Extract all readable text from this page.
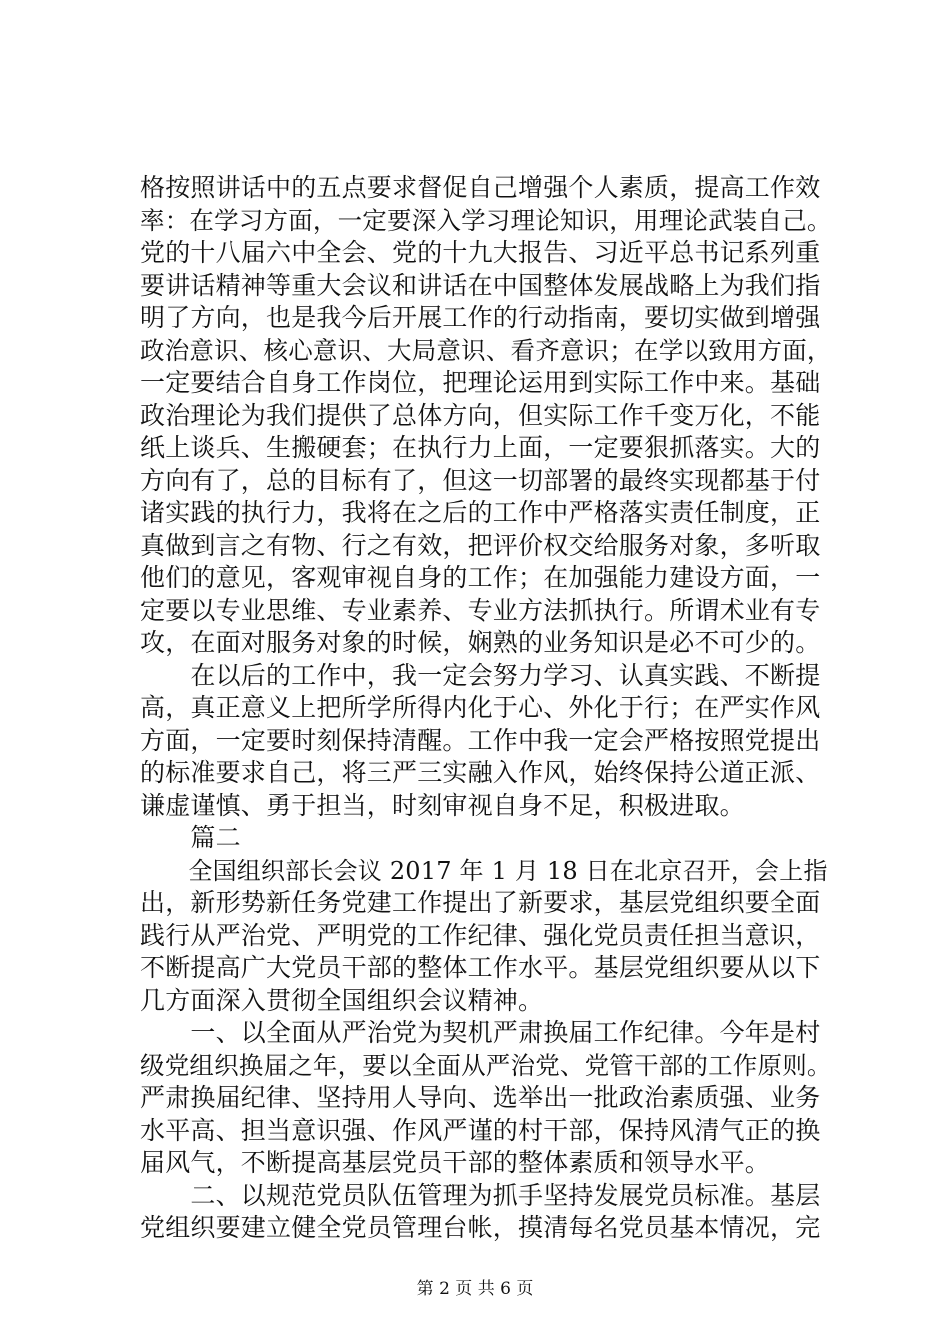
格按照讲话中的五点要求督促自己增强个人素质，提高工作效
率：在学习方面，一定要深入学习理论知识，用理论武装自己。
党的十八届六中全会、党的十九大报告、习近平总书记系列重
要讲话精神等重大会议和讲话在中国整体发展战略上为我们指
明了方向，也是我今后开展工作的行动指南，要切实做到增强
政治意识、核心意识、大局意识、看齐意识；在学以致用方面，
一定要结合自身工作岗位，把理论运用到实际工作中来。基础
政治理论为我们提供了总体方向，但实际工作千变万化，不能
纸上谈兵、生搬硬套；在执行力上面，一定要狠抓落实。大的
方向有了，总的目标有了，但这一切部署的最终实现都基于付
诸实践的执行力，我将在之后的工作中严格落实责任制度，正
真做到言之有物、行之有效，把评价权交给服务对象，多听取
他们的意见，客观审视自身的工作；在加强能力建设方面，一
定要以专业思维、专业素养、专业方法抓执行。所谓术业有专
攻，在面对服务对象的时候，娴熟的业务知识是必不可少的。
　　在以后的工作中，我一定会努力学习、认真实践、不断提
高，真正意义上把所学所得内化于心、外化于行；在严实作风
方面，一定要时刻保持清醒。工作中我一定会严格按照党提出
的标准要求自己，将三严三实融入作风，始终保持公道正派、
谦虚谨慎、勇于担当，时刻审视自身不足，积极进取。
　　篇二
　　全国组织部长会议 2017 年 1 月 18 日在北京召开，会上指
出，新形势新任务党建工作提出了新要求，基层党组织要全面
践行从严治党、严明党的工作纪律、强化党员责任担当意识，
不断提高广大党员干部的整体工作水平。基层党组织要从以下
几方面深入贯彻全国组织会议精神。
　　一、以全面从严治党为契机严肃换届工作纪律。今年是村
级党组织换届之年，要以全面从严治党、党管干部的工作原则。
严肃换届纪律、坚持用人导向、选举出一批政治素质强、业务
水平高、担当意识强、作风严谨的村干部，保持风清气正的换
届风气，不断提高基层党员干部的整体素质和领导水平。
　　二、以规范党员队伍管理为抓手坚持发展党员标准。基层
党组织要建立健全党员管理台帐，摸清每名党员基本情况，完
第 2 页 共 6 页
